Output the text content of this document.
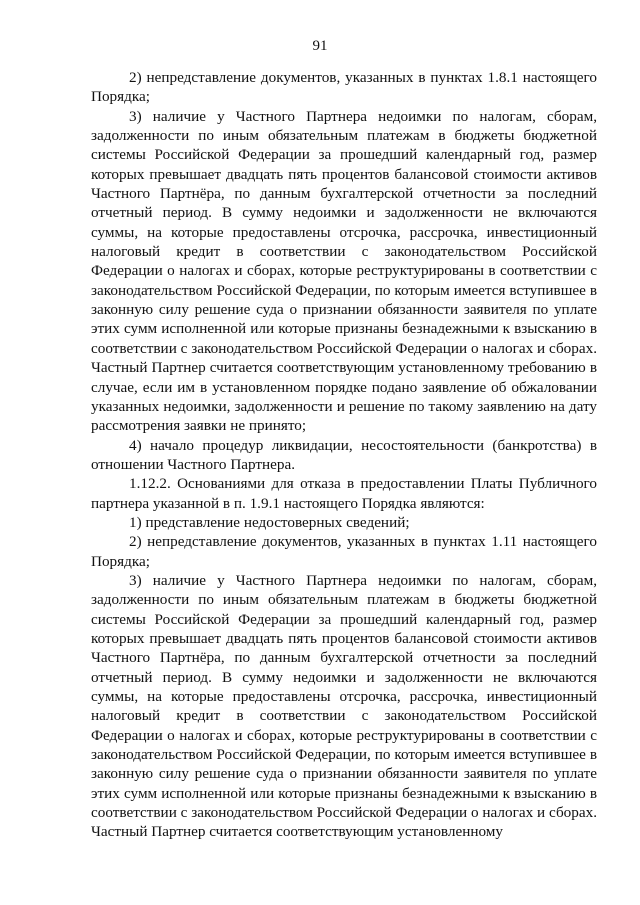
91

2) непредставление документов, указанных в пунктах 1.8.1 настоящего Порядка;

3) наличие у Частного Партнера недоимки по налогам, сборам, задолженности по иным обязательным платежам в бюджеты бюджетной системы Российской Федерации за прошедший календарный год, размер которых превышает двадцать пять процентов балансовой стоимости активов Частного Партнёра, по данным бухгалтерской отчетности за последний отчетный период. В сумму недоимки и задолженности не включаются суммы, на которые предоставлены отсрочка, рассрочка, инвестиционный налоговый кредит в соответствии с законодательством Российской Федерации о налогах и сборах, которые реструктурированы в соответствии с законодательством Российской Федерации, по которым имеется вступившее в законную силу решение суда о признании обязанности заявителя по уплате этих сумм исполненной или которые признаны безнадежными к взысканию в соответствии с законодательством Российской Федерации о налогах и сборах. Частный Партнер считается соответствующим установленному требованию в случае, если им в установленном порядке подано заявление об обжаловании указанных недоимки, задолженности и решение по такому заявлению на дату рассмотрения заявки не принято;

4) начало процедур ликвидации, несостоятельности (банкротства) в отношении Частного Партнера.

1.12.2. Основаниями для отказа в предоставлении Платы Публичного партнера указанной в п. 1.9.1 настоящего Порядка являются:

1) представление недостоверных сведений;

2) непредставление документов, указанных в пунктах 1.11 настоящего Порядка;

3) наличие у Частного Партнера недоимки по налогам, сборам, задолженности по иным обязательным платежам в бюджеты бюджетной системы Российской Федерации за прошедший календарный год, размер которых превышает двадцать пять процентов балансовой стоимости активов Частного Партнёра, по данным бухгалтерской отчетности за последний отчетный период. В сумму недоимки и задолженности не включаются суммы, на которые предоставлены отсрочка, рассрочка, инвестиционный налоговый кредит в соответствии с законодательством Российской Федерации о налогах и сборах, которые реструктурированы в соответствии с законодательством Российской Федерации, по которым имеется вступившее в законную силу решение суда о признании обязанности заявителя по уплате этих сумм исполненной или которые признаны безнадежными к взысканию в соответствии с законодательством Российской Федерации о налогах и сборах. Частный Партнер считается соответствующим установленному
